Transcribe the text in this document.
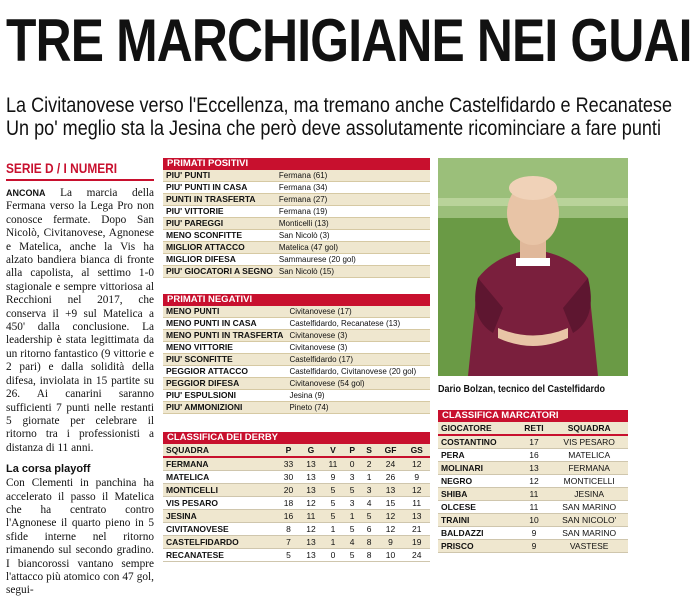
TRE MARCHIGIANE NEI GUAI

La Civitanovese verso l'Eccellenza, ma tremano anche Castelfidardo e Recanatese

Un po' meglio sta la Jesina che però deve assolutamente ricominciare a fare punti

SERIE D / I NUMERI

ANCONA La marcia della Fermana verso la Lega Pro non conosce fermate. Dopo San Nicolò, Civitanovese, Agnonese e Matelica, anche la Vis ha alzato bandiera bianca di fronte alla capolista, al settimo 1-0 stagionale e sempre vittoriosa al Recchioni nel 2017, che conserva il +9 sul Matelica a 450' dalla conclusione. La leadership è stata legittimata da un ritorno fantastico (9 vittorie e 2 pari) e dalla solidità della difesa, inviolata in 15 partite su 26. Ai canarini saranno sufficienti 7 punti nelle restanti 5 giornate per celebrare il ritorno tra i professionisti a distanza di 11 anni.

La corsa playoff

Con Clementi in panchina ha accelerato il passo il Matelica che ha centrato contro l'Agnonese il quarto pieno in 5 sfide interne nel ritorno rimanendo sul secondo gradino. I biancorossi vantano sempre l'attacco più atomico con 47 gol, segui-

PRIMATI POSITIVI
PIU' PUNTI	Fermana (61)
PIU' PUNTI IN CASA	Fermana (34)
PUNTI IN TRASFERTA	Fermana (27)
PIU' VITTORIE	Fermana (19)
PIU' PAREGGI	Monticelli (13)
MENO SCONFITTE	San Nicolò (3)
MIGLIOR ATTACCO	Matelica (47 gol)
MIGLIOR DIFESA	Sammaurese (20 gol)
PIU' GIOCATORI A SEGNO	San Nicolò (15)
PRIMATI NEGATIVI
MENO PUNTI	Civitanovese (17)
MENO PUNTI IN CASA	Castelfidardo, Recanatese (13)
MENO PUNTI IN TRASFERTA	Civitanovese (3)
MENO VITTORIE	Civitanovese (3)
PIU' SCONFITTE	Castelfidardo (17)
PEGGIOR ATTACCO	Castelfidardo, Civitanovese (20 gol)
PEGGIOR DIFESA	Civitanovese (54 gol)
PIU' ESPULSIONI	Jesina (9)
PIU' AMMONIZIONI	Pineto (74)
CLASSIFICA DEI DERBY
SQUADRA	P	G	V	P	S	GF	GS
FERMANA	33	13	11	0	2	24	12
MATELICA	30	13	9	3	1	26	9
MONTICELLI	20	13	5	5	3	13	12
VIS PESARO	18	12	5	3	4	15	11
JESINA	16	11	5	1	5	12	13
CIVITANOVESE	8	12	1	5	6	12	21
CASTELFIDARDO	7	13	1	4	8	9	19
RECANATESE	5	13	0	5	8	10	24

Dario Bolzan, tecnico del Castelfidardo

CLASSIFICA MARCATORI
GIOCATORE	RETI	SQUADRA
COSTANTINO	17	VIS PESARO
PERA	16	MATELICA
MOLINARI	13	FERMANA
NEGRO	12	MONTICELLI
SHIBA	11	JESINA
OLCESE	11	SAN MARINO
TRAINI	10	SAN NICOLO'
BALDAZZI	9	SAN MARINO
PRISCO	9	VASTESE
